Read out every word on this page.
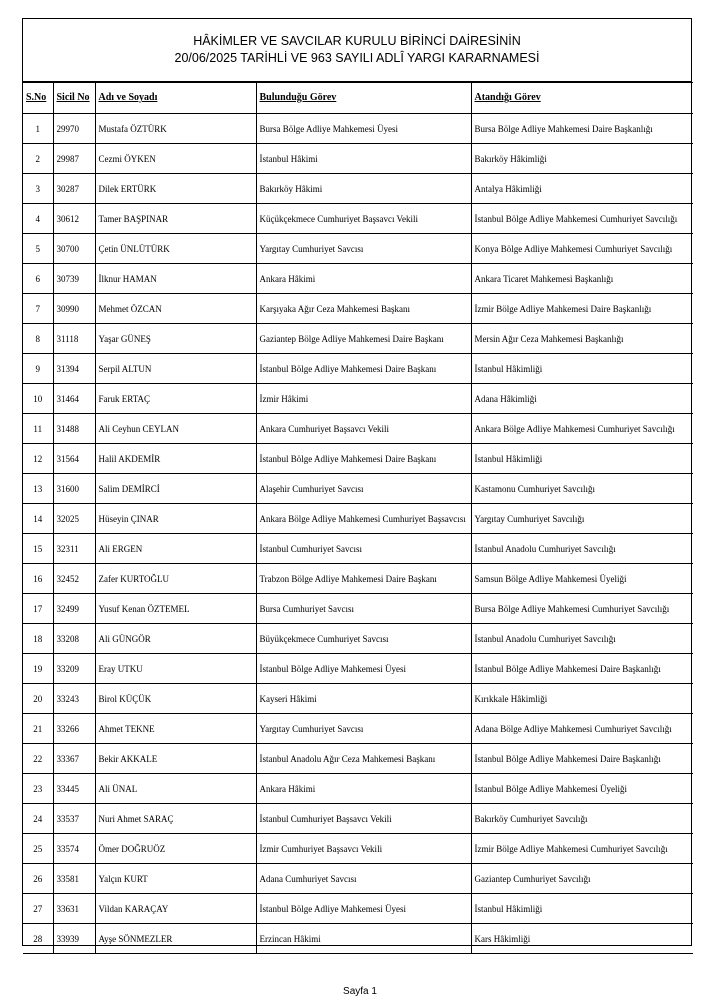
HÂKİMLER VE SAVCILAR KURULU BİRİNCİ DAİRESİNİN
20/06/2025 TARİHLİ VE 963 SAYILI ADLÎ YARGI KARARNAMESİ
S.No	Sicil No	Adı ve Soyadı	Bulunduğu Görev	Atandığı Görev
1	29970	Mustafa ÖZTÜRK	Bursa Bölge Adliye Mahkemesi Üyesi	Bursa Bölge Adliye Mahkemesi Daire Başkanlığı
2	29987	Cezmi ÖYKEN	İstanbul Hâkimi	Bakırköy Hâkimliği
3	30287	Dilek ERTÜRK	Bakırköy Hâkimi	Antalya Hâkimliği
4	30612	Tamer BAŞPINAR	Küçükçekmece Cumhuriyet Başsavcı Vekili	İstanbul Bölge Adliye Mahkemesi Cumhuriyet Savcılığı
5	30700	Çetin ÜNLÜTÜRK	Yargıtay Cumhuriyet Savcısı	Konya Bölge Adliye Mahkemesi Cumhuriyet Savcılığı
6	30739	İlknur HAMAN	Ankara Hâkimi	Ankara Ticaret Mahkemesi Başkanlığı
7	30990	Mehmet ÖZCAN	Karşıyaka Ağır Ceza Mahkemesi Başkanı	İzmir Bölge Adliye Mahkemesi Daire Başkanlığı
8	31118	Yaşar GÜNEŞ	Gaziantep Bölge Adliye Mahkemesi Daire Başkanı	Mersin Ağır Ceza Mahkemesi Başkanlığı
9	31394	Serpil ALTUN	İstanbul Bölge Adliye Mahkemesi Daire Başkanı	İstanbul Hâkimliği
10	31464	Faruk ERTAÇ	İzmir Hâkimi	Adana Hâkimliği
11	31488	Ali Ceyhun CEYLAN	Ankara Cumhuriyet Başsavcı Vekili	Ankara Bölge Adliye Mahkemesi Cumhuriyet Savcılığı
12	31564	Halil AKDEMİR	İstanbul Bölge Adliye Mahkemesi Daire Başkanı	İstanbul Hâkimliği
13	31600	Salim DEMİRCİ	Alaşehir Cumhuriyet Savcısı	Kastamonu Cumhuriyet Savcılığı
14	32025	Hüseyin ÇINAR	Ankara Bölge Adliye Mahkemesi Cumhuriyet Başsavcısı	Yargıtay Cumhuriyet Savcılığı
15	32311	Ali ERGEN	İstanbul Cumhuriyet Savcısı	İstanbul Anadolu Cumhuriyet Savcılığı
16	32452	Zafer KURTOĞLU	Trabzon Bölge Adliye Mahkemesi Daire Başkanı	Samsun Bölge Adliye Mahkemesi Üyeliği
17	32499	Yusuf Kenan ÖZTEMEL	Bursa Cumhuriyet Savcısı	Bursa Bölge Adliye Mahkemesi Cumhuriyet Savcılığı
18	33208	Ali GÜNGÖR	Büyükçekmece Cumhuriyet Savcısı	İstanbul Anadolu Cumhuriyet Savcılığı
19	33209	Eray UTKU	İstanbul Bölge Adliye Mahkemesi Üyesi	İstanbul Bölge Adliye Mahkemesi Daire Başkanlığı
20	33243	Birol KÜÇÜK	Kayseri Hâkimi	Kırıkkale Hâkimliği
21	33266	Ahmet TEKNE	Yargıtay Cumhuriyet Savcısı	Adana Bölge Adliye Mahkemesi Cumhuriyet Savcılığı
22	33367	Bekir AKKALE	İstanbul Anadolu Ağır Ceza Mahkemesi Başkanı	İstanbul Bölge Adliye Mahkemesi Daire Başkanlığı
23	33445	Ali ÜNAL	Ankara Hâkimi	İstanbul Bölge Adliye Mahkemesi Üyeliği
24	33537	Nuri Ahmet SARAÇ	İstanbul Cumhuriyet Başsavcı Vekili	Bakırköy Cumhuriyet Savcılığı
25	33574	Ömer DOĞRUÖZ	İzmir Cumhuriyet Başsavcı Vekili	İzmir Bölge Adliye Mahkemesi Cumhuriyet Savcılığı
26	33581	Yalçın KURT	Adana Cumhuriyet Savcısı	Gaziantep Cumhuriyet Savcılığı
27	33631	Vildan KARAÇAY	İstanbul Bölge Adliye Mahkemesi Üyesi	İstanbul Hâkimliği
28	33939	Ayşe SÖNMEZLER	Erzincan Hâkimi	Kars Hâkimliği
Sayfa 1
